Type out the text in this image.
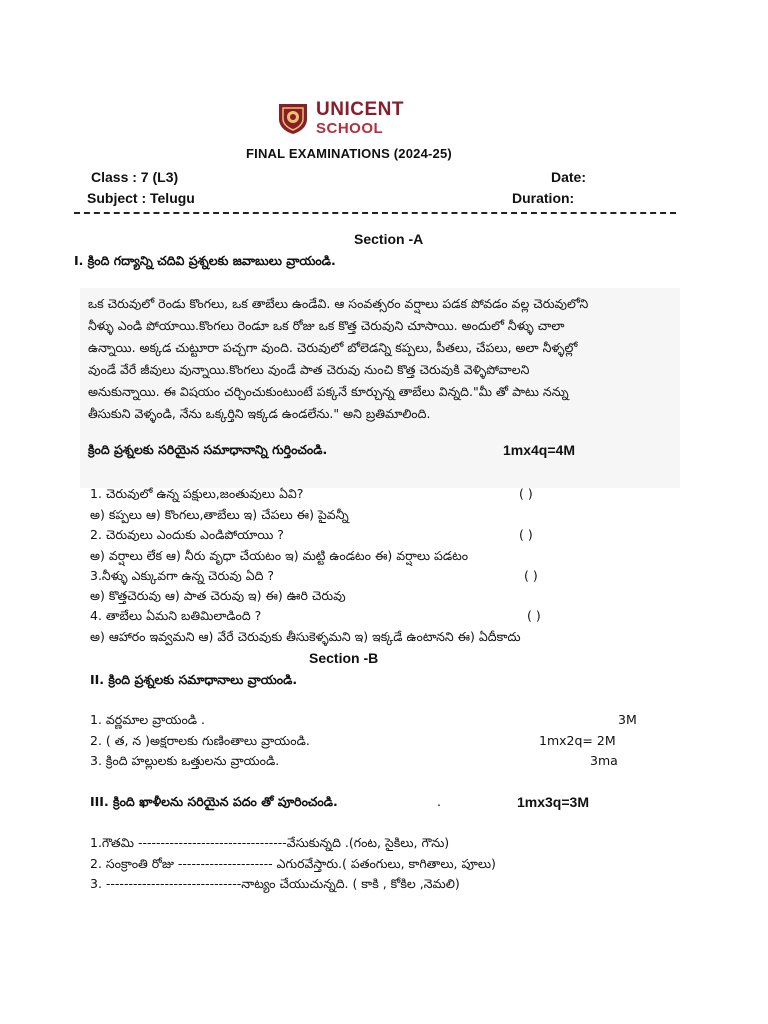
UNICENT
SCHOOL
FINAL EXAMINATIONS (2024-25)
Class : 7 (L3)	Date:
Subject : Telugu	Duration:
Section -A
I. క్రింది గద్యాన్ని చదివి ప్రశ్నలకు జవాబులు వ్రాయండి.
ఒక చెరువులో రెండు కొంగలు, ఒక తాబేలు ఉండేవి. ఆ సంవత్సరం వర్షాలు పడక పోవడం వల్ల చెరువులోని
నీళ్ళు ఎండి పోయాయి.కొంగలు రెండూ ఒక రోజు ఒక కొత్త చెరువుని చూసాయి. అందులో నీళ్ళు చాలా
ఉన్నాయి. అక్కడ చుట్టూరా పచ్చగా వుంది. చెరువులో బోలెడన్ని కప్పలు, పీతలు, చేపలు, అలా నీళ్ళల్లో
వుండే వేరే జీవులు వున్నాయి.కొంగలు వుండే పాత చెరువు నుంచి కొత్త చెరువుకి వెళ్ళిపోవాలని
అనుకున్నాయి. ఈ విషయం చర్చించుకుంటుంటే పక్కనే కూర్చున్న తాబేలు విన్నది."మీ తో పాటు నన్ను
తీసుకుని వెళ్ళండి, నేను ఒక్కర్తిని ఇక్కడ ఉండలేను." అని బ్రతిమాలింది.
క్రింది ప్రశ్నలకు సరియైన సమాధానాన్ని గుర్తించండి.	1mx4q=4M
1. చెరువులో ఉన్న పక్షులు,జంతువులు ఏవి?	( )
అ) కప్పలు ఆ) కొంగలు,తాబేలు ఇ) చేపలు ఈ) పైవన్నీ
2. చెరువులు ఎందుకు ఎండిపోయాయి ?	( )
అ) వర్షాలు లేక ఆ) నీరు వృధా చేయటం ఇ) మట్టి ఉండటం ఈ) వర్షాలు పడటం
3.నీళ్ళు ఎక్కువగా ఉన్న చెరువు ఏది ?	( )
అ) కొత్తచెరువు ఆ) పాత చెరువు ఇ) ఈ) ఊరి చెరువు
4. తాబేలు ఏమని బతిమిలాడింది ?	( )
అ) ఆహారం ఇవ్వమని ఆ) వేరే చెరువుకు తీసుకెళ్ళమని ఇ) ఇక్కడే ఉంటానని ఈ) ఏదీకాదు
Section -B
II. క్రింది ప్రశ్నలకు సమాధానాలు వ్రాయండి.
1. వర్ణమాల వ్రాయండి .	3M
2. ( త, న )అక్షరాలకు గుణింతాలు వ్రాయండి.	1mx2q= 2M
3. క్రింది హల్లులకు ఒత్తులను వ్రాయండి.	3ma
III. క్రింది ఖాళీలను సరియైన పదం తో పూరించండి.	.	1mx3q=3M
1.గౌతమి ---------------------------------వేసుకున్నది .(గంట, సైకిలు, గౌను)
2. సంక్రాంతి రోజు --------------------- ఎగురవేస్తారు.( పతంగులు, కాగితాలు, పూలు)
3. ------------------------------నాట్యం చేయుచున్నది. ( కాకి , కోకిల ,నెమలి)
